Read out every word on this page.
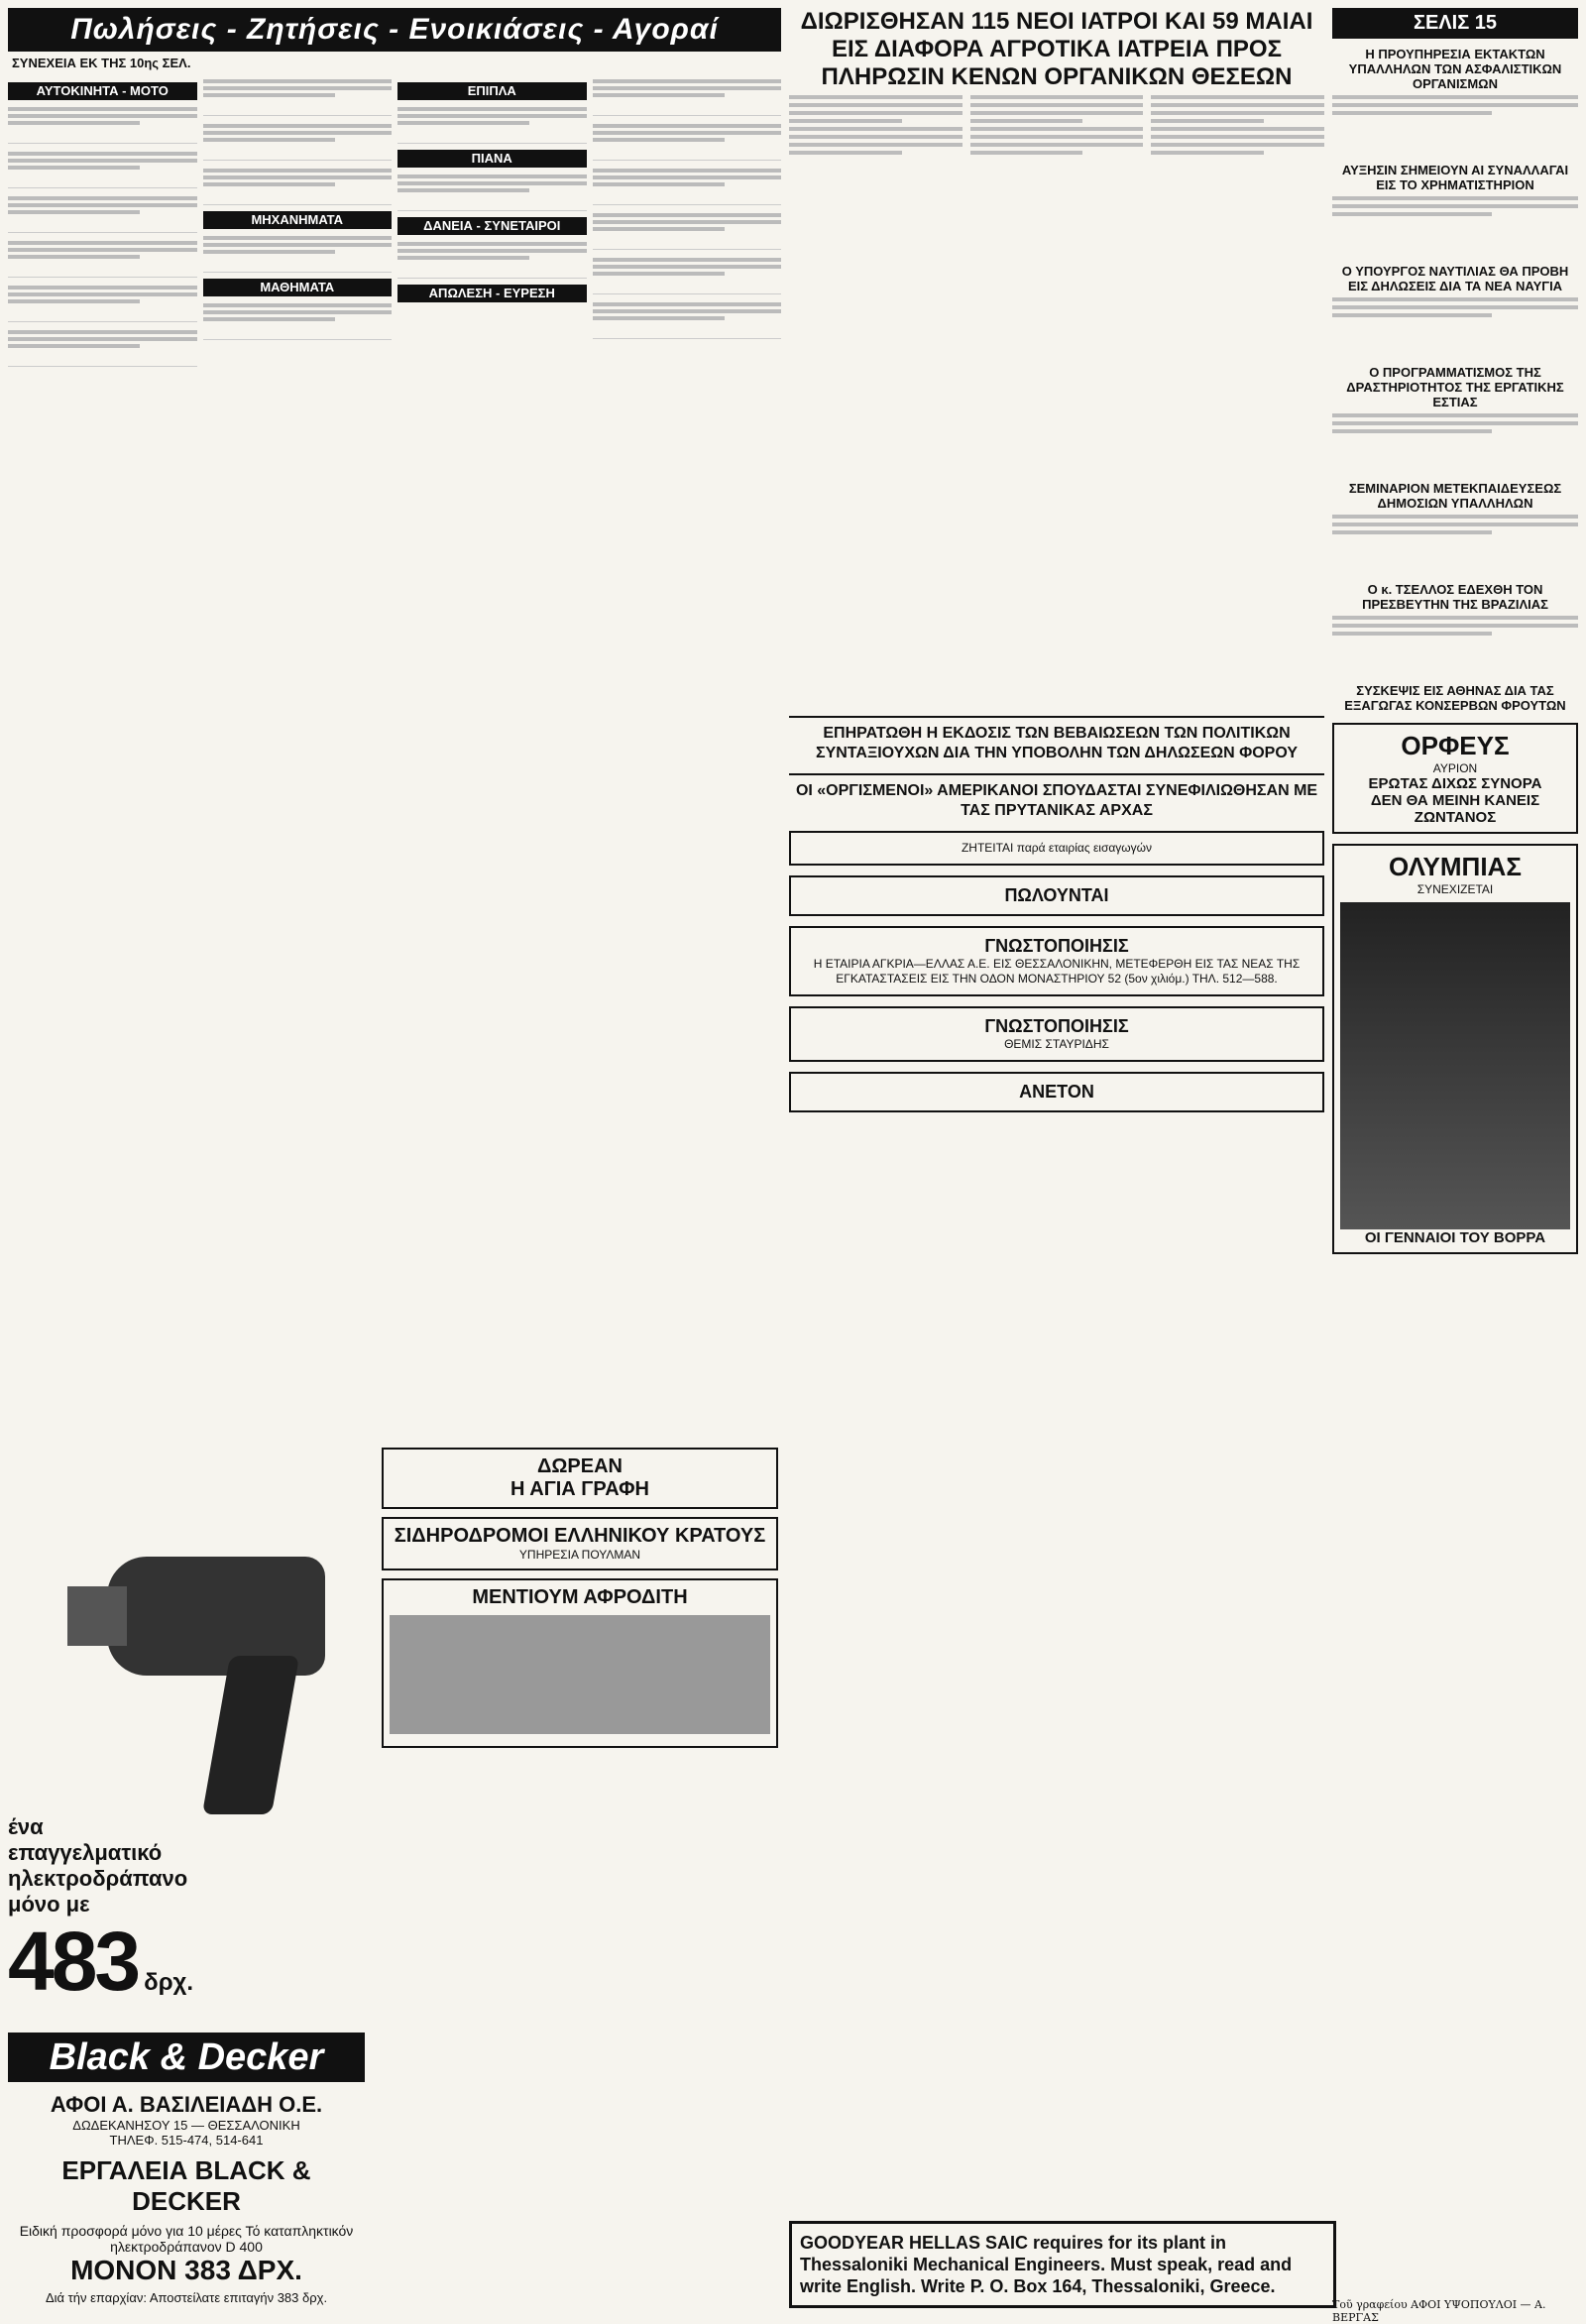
Πωλήσεις - Ζητήσεις - Ενοικιάσεις - Αγοραί
ΣΥΝΕΧΕΙΑ ΕΚ ΤΗΣ 10ης ΣΕΛ.
ΑΥΤΟΚΙΝΗΤΑ - ΜΟΤΟ
ΜΗΧΑΝΗΜΑΤΑ
ΜΑΘΗΜΑΤΑ
ΕΠΙΠΛΑ
ΠΙΑΝΑ
ΔΑΝΕΙΑ - ΣΥΝΕΤΑΙΡΟΙ
ΑΠΩΛΕΣΗ - ΕΥΡΕΣΗ
ένα
επαγγελματικό
ηλεκτροδράπανο
μόνο με
483 δρχ.
Black & Decker
ΑΦΟΙ Α. ΒΑΣΙΛΕΙΑΔΗ Ο.Ε.
ΔΩΔΕΚΑΝΗΣΟΥ 15 — ΘΕΣΣΑΛΟΝΙΚΗ
ΤΗΛΕΦ. 515-474, 514-641
ΕΡΓΑΛΕΙΑ BLACK & DECKER
Ειδική προσφορά μόνο για 10 μέρες Τό καταπληκτικόν ηλεκτροδράπανον D 400
ΜΟΝΟΝ 383 ΔΡΧ.
Διά τήν επαρχίαν: Αποστείλατε επιταγήν 383 δρχ.
ΔΩΡΕΑΝ
Η ΑΓΙΑ ΓΡΑΦΗ
ΣΙΔΗΡΟΔΡΟΜΟΙ ΕΛΛΗΝΙΚΟΥ ΚΡΑΤΟΥΣ
ΥΠΗΡΕΣΙΑ ΠΟΥΛΜΑΝ
ΜΕΝΤΙΟΥΜ ΑΦΡΟΔΙΤΗ
ΔΙΩΡΙΣΘΗΣΑΝ 115 ΝΕΟΙ ΙΑΤΡΟΙ ΚΑΙ 59 ΜΑΙΑΙ ΕΙΣ ΔΙΑΦΟΡΑ ΑΓΡΟΤΙΚΑ ΙΑΤΡΕΙΑ ΠΡΟΣ ΠΛΗΡΩΣΙΝ ΚΕΝΩΝ ΟΡΓΑΝΙΚΩΝ ΘΕΣΕΩΝ
ΕΠΗΡΑΤΩΘΗ Η ΕΚΔΟΣΙΣ ΤΩΝ ΒΕΒΑΙΩΣΕΩΝ ΤΩΝ ΠΟΛΙΤΙΚΩΝ ΣΥΝΤΑΞΙΟΥΧΩΝ ΔΙΑ ΤΗΝ ΥΠΟΒΟΛΗΝ ΤΩΝ ΔΗΛΩΣΕΩΝ ΦΟΡΟΥ
ΟΙ «ΟΡΓΙΣΜΕΝΟΙ» ΑΜΕΡΙΚΑΝΟΙ ΣΠΟΥΔΑΣΤΑΙ ΣΥΝΕΦΙΛΙΩΘΗΣΑΝ ΜΕ ΤΑΣ ΠΡΥΤΑΝΙΚΑΣ ΑΡΧΑΣ
ΖΗΤΕΙΤΑΙ παρά εταιρίας εισαγωγών
ΠΩΛΟΥΝΤΑΙ
ΓΝΩΣΤΟΠΟΙΗΣΙΣ
Η ΕΤΑΙΡΙΑ ΑΓΚΡΙΑ—ΕΛΛΑΣ Α.Ε. ΕΙΣ ΘΕΣΣΑΛΟΝΙΚΗΝ, ΜΕΤΕΦΕΡΘΗ ΕΙΣ ΤΑΣ ΝΕΑΣ ΤΗΣ ΕΓΚΑΤΑΣΤΑΣΕΙΣ ΕΙΣ ΤΗΝ ΟΔΟΝ ΜΟΝΑΣΤΗΡΙΟΥ 52 (5ον χιλιόμ.) ΤΗΛ. 512—588.
ΓΝΩΣΤΟΠΟΙΗΣΙΣ
ΘΕΜΙΣ ΣΤΑΥΡΙΔΗΣ
ΑΝΕΤΟΝ
GOODYEAR HELLAS SAIC requires for its plant in Thessaloniki Mechanical Engineers. Must speak, read and write English. Write P. O. Box 164, Thessaloniki, Greece.
ΣΕΛΙΣ 15
Η ΠΡΟΥΠΗΡΕΣΙΑ ΕΚΤΑΚΤΩΝ ΥΠΑΛΛΗΛΩΝ ΤΩΝ ΑΣΦΑΛΙΣΤΙΚΩΝ ΟΡΓΑΝΙΣΜΩΝ
ΑΥΞΗΣΙΝ ΣΗΜΕΙΟΥΝ ΑΙ ΣΥΝΑΛΛΑΓΑΙ ΕΙΣ ΤΟ ΧΡΗΜΑΤΙΣΤΗΡΙΟΝ
Ο ΥΠΟΥΡΓΟΣ ΝΑΥΤΙΛΙΑΣ ΘΑ ΠΡΟΒΗ ΕΙΣ ΔΗΛΩΣΕΙΣ ΔΙΑ ΤΑ ΝΕΑ ΝΑΥΓΙΑ
Ο ΠΡΟΓΡΑΜΜΑΤΙΣΜΟΣ ΤΗΣ ΔΡΑΣΤΗΡΙΟΤΗΤΟΣ ΤΗΣ ΕΡΓΑΤΙΚΗΣ ΕΣΤΙΑΣ
ΣΕΜΙΝΑΡΙΟΝ ΜΕΤΕΚΠΑΙΔΕΥΣΕΩΣ ΔΗΜΟΣΙΩΝ ΥΠΑΛΛΗΛΩΝ
Ο κ. ΤΣΕΛΛΟΣ ΕΔΕΧΘΗ ΤΟΝ ΠΡΕΣΒΕΥΤΗΝ ΤΗΣ ΒΡΑΖΙΛΙΑΣ
ΣΥΣΚΕΨΙΣ ΕΙΣ ΑΘΗΝΑΣ ΔΙΑ ΤΑΣ ΕΞΑΓΩΓΑΣ ΚΟΝΣΕΡΒΩΝ ΦΡΟΥΤΩΝ
ΟΡΦΕΥΣ
ΑΥΡΙΟΝ
ΕΡΩΤΑΣ ΔΙΧΩΣ ΣΥΝΟΡΑ
ΔΕΝ ΘΑ ΜΕΙΝΗ ΚΑΝΕΙΣ ΖΩΝΤΑΝΟΣ
ΟΛΥΜΠΙΑΣ
ΣΥΝΕΧΙΖΕΤΑΙ
ΟΙ ΓΕΝΝΑΙΟΙ ΤΟΥ ΒΟΡΡΑ
Τοῦ γραφείου ΑΦΟΙ ΥΨΟΠΟΥΛΟΙ — Α. ΒΕΡΓΑΣ
